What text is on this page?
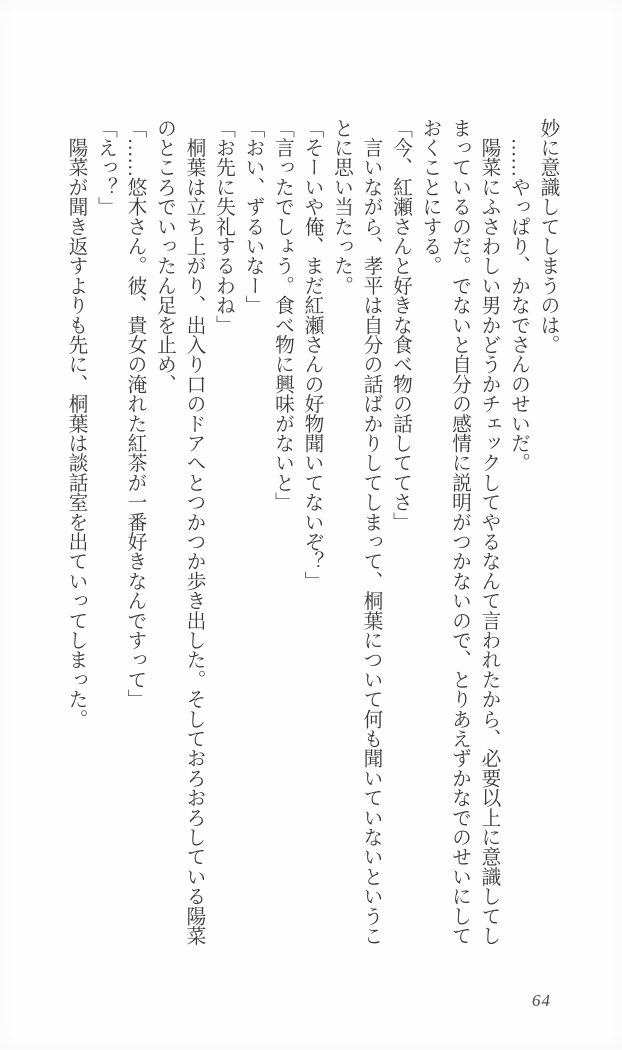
妙に意識してしまうのは。
　……やっぱり、かなでさんのせいだ。
　陽菜にふさわしい男かどうかチェックしてやるなんて言われたから、必要以上に意識してし
まっているのだ。でないと自分の感情に説明がつかないので、とりあえずかなでのせいにして
おくことにする。
「今、紅瀬さんと好きな食べ物の話しててさ」
　言いながら、孝平は自分の話ばかりしてしまって、桐葉について何も聞いていないというこ
とに思い当たった。
「そーいや俺、まだ紅瀬さんの好物聞いてないぞ？」
「言ったでしょう。食べ物に興味がないと」
「おい、ずるいなー」
「お先に失礼するわね」
　桐葉は立ち上がり、出入り口のドアへとつかつか歩き出した。そしておろおろしている陽菜
のところでいったん足を止め、
「……悠木さん。彼、貴女の淹れた紅茶が一番好きなんですって」
「えっ？」
　陽菜が聞き返すよりも先に、桐葉は談話室を出ていってしまった。
64
